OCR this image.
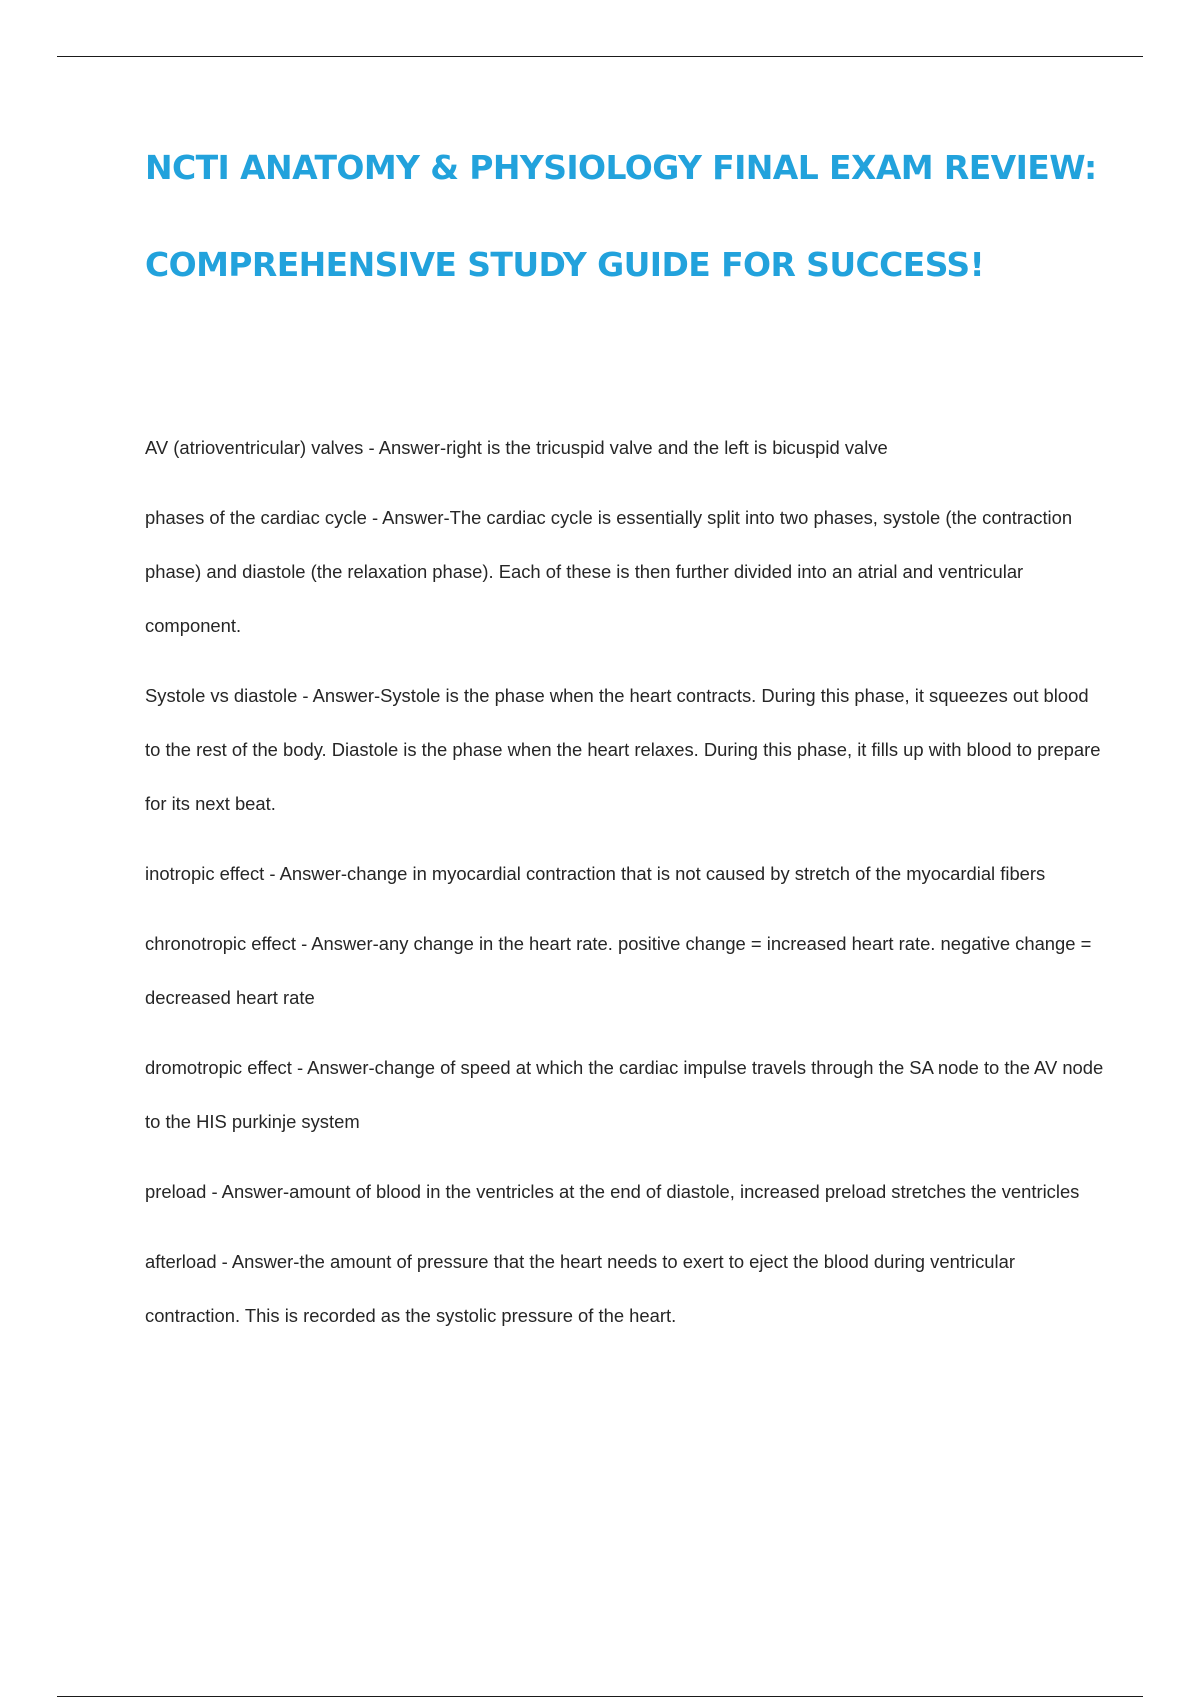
NCTI ANATOMY & PHYSIOLOGY FINAL EXAM REVIEW:
COMPREHENSIVE STUDY GUIDE FOR SUCCESS!
AV (atrioventricular) valves - Answer-right is the tricuspid valve and the left is bicuspid valve
phases of the cardiac cycle - Answer-The cardiac cycle is essentially split into two phases, systole (the contraction phase) and diastole (the relaxation phase). Each of these is then further divided into an atrial and ventricular component.
Systole vs diastole - Answer-Systole is the phase when the heart contracts. During this phase, it squeezes out blood to the rest of the body. Diastole is the phase when the heart relaxes. During this phase, it fills up with blood to prepare for its next beat.
inotropic effect - Answer-change in myocardial contraction that is not caused by stretch of the myocardial fibers
chronotropic effect - Answer-any change in the heart rate. positive change = increased heart rate. negative change = decreased heart rate
dromotropic effect - Answer-change of speed at which the cardiac impulse travels through the SA node to the AV node to the HIS purkinje system
preload - Answer-amount of blood in the ventricles at the end of diastole, increased preload stretches the ventricles
afterload - Answer-the amount of pressure that the heart needs to exert to eject the blood during ventricular contraction. This is recorded as the systolic pressure of the heart.
